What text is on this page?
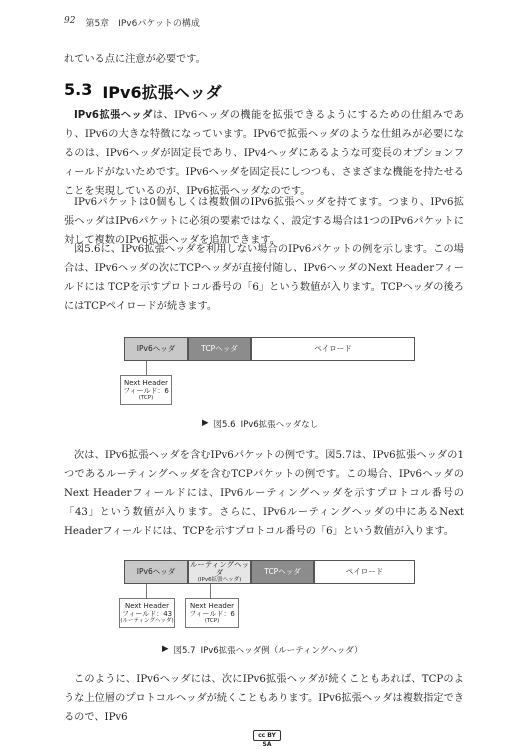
92 第5章　IPv6パケットの構成
れている点に注意が必要です。
5.3 IPv6拡張ヘッダ
IPv6拡張ヘッダは、IPv6ヘッダの機能を拡張できるようにするための仕組みであり、IPv6の大きな特徴になっています。IPv6で拡張ヘッダのような仕組みが必要になるのは、IPv6ヘッダが固定長であり、IPv4ヘッダにあるような可変長のオプションフィールドがないためです。IPv6ヘッダを固定長にしつつも、さまざまな機能を持たせることを実現しているのが、IPv6拡張ヘッダなのです。
IPv6パケットは0個もしくは複数個のIPv6拡張ヘッダを持てます。つまり、IPv6拡張ヘッダはIPv6パケットに必須の要素ではなく、設定する場合は1つのIPv6パケットに対して複数のIPv6拡張ヘッダを追加できます。
図5.6に、IPv6拡張ヘッダを利用しない場合のIPv6パケットの例を示します。この場合は、IPv6ヘッダの次にTCPヘッダが直接付随し、IPv6ヘッダのNext Headerフィールドには TCPを示すプロトコル番号の「6」という数値が入ります。TCPヘッダの後ろにはTCPペイロードが続きます。
IPv6ヘッダ	TCPヘッダ	ペイロード
Next Header
フィールド：6
(TCP)
▶ 図5.6 IPv6拡張ヘッダなし
次は、IPv6拡張ヘッダを含むIPv6パケットの例です。図5.7は、IPv6拡張ヘッダの1つであるルーティングヘッダを含むTCPパケットの例です。この場合、IPv6ヘッダのNext Headerフィールドには、IPv6ルーティングヘッダを示すプロトコル番号の「43」という数値が入ります。さらに、IPv6ルーティングヘッダの中にあるNext Headerフィールドには、TCPを示すプロトコル番号の「6」という数値が入ります。
IPv6ヘッダ
ルーティングヘッダ
(IPv6拡張ヘッダ)
TCPヘッダ	ペイロード
Next Header
フィールド：43
(ルーティングヘッダ)
Next Header
フィールド：6
(TCP)
▶ 図5.7 IPv6拡張ヘッダ例（ルーティングヘッダ）
このように、IPv6ヘッダには、次にIPv6拡張ヘッダが続くこともあれば、TCPのような上位層のプロトコルヘッダが続くこともあります。IPv6拡張ヘッダは複数指定できるので、IPv6
cc BY SA
